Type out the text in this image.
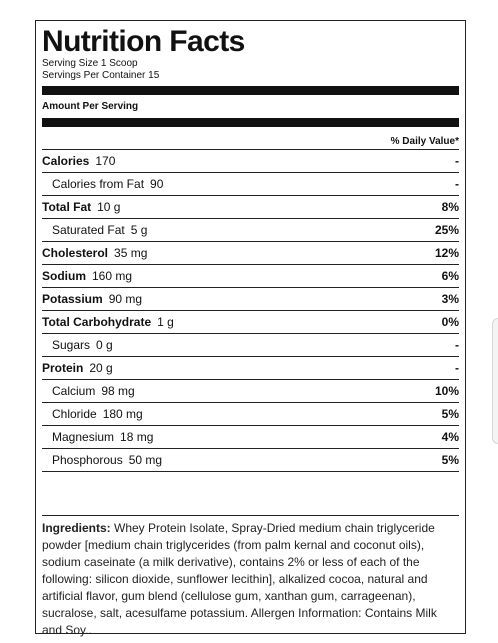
Nutrition Facts
Serving Size 1 Scoop
Servings Per Container 15
Amount Per Serving
% Daily Value*
Calories 170	-
Calories from Fat 90	-
Total Fat 10 g	8%
Saturated Fat 5 g	25%
Cholesterol 35 mg	12%
Sodium 160 mg	6%
Potassium 90 mg	3%
Total Carbohydrate 1 g	0%
Sugars 0 g	-
Protein 20 g	-
Calcium 98 mg	10%
Chloride 180 mg	5%
Magnesium 18 mg	4%
Phosphorous 50 mg	5%
Ingredients: Whey Protein Isolate, Spray-Dried medium chain triglyceride powder [medium chain triglycerides (from palm kernal and coconut oils), sodium caseinate (a milk derivative), contains 2% or less of each of the following: silicon dioxide, sunflower lecithin], alkalized cocoa, natural and artificial flavor, gum blend (cellulose gum, xanthan gum, carrageenan), sucralose, salt, acesulfame potassium. Allergen Information: Contains Milk and Soy..
